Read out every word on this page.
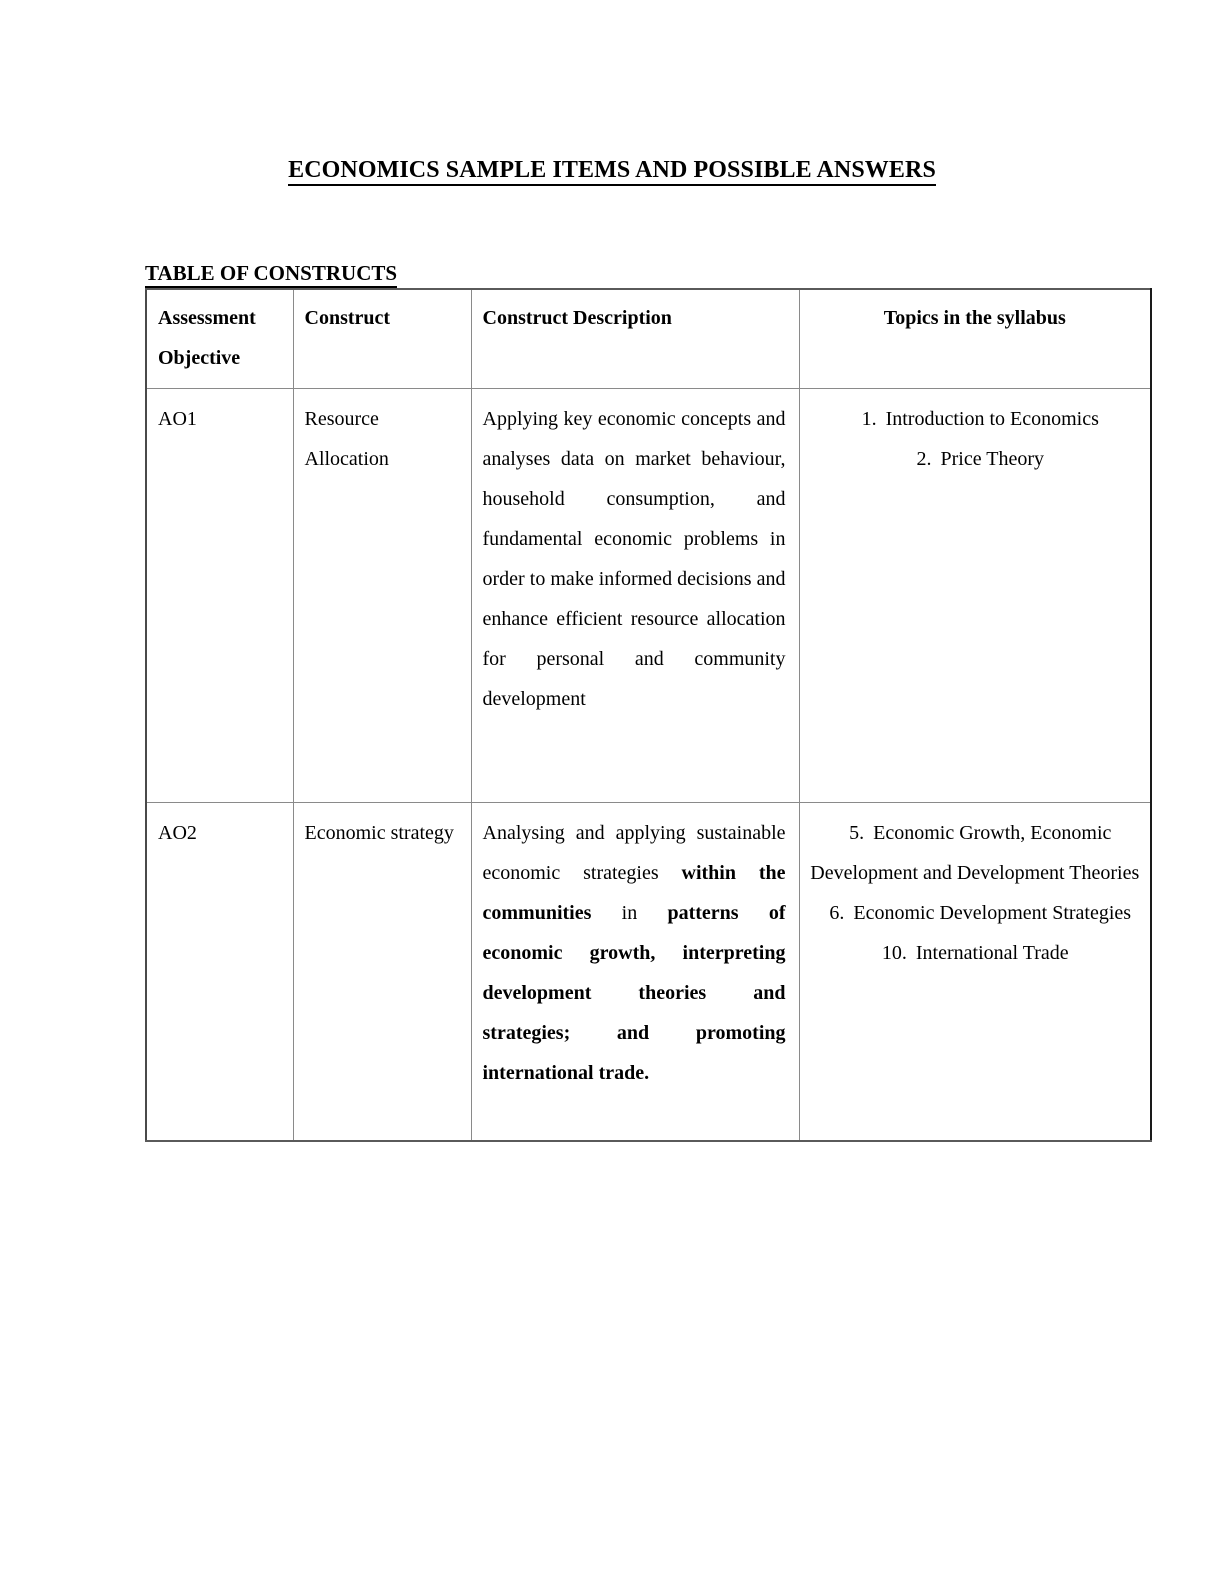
ECONOMICS SAMPLE ITEMS AND POSSIBLE ANSWERS
TABLE OF CONSTRUCTS
Assessment Objective	Construct	Construct Description	Topics in the syllabus

AO1	Resource Allocation	Applying key economic concepts and analyses data on market behaviour, household consumption, and fundamental economic problems in order to make informed decisions and enhance efficient resource allocation for personal and community development	1. Introduction to Economics
2. Price Theory

AO2	Economic strategy	Analysing and applying sustainable economic strategies within the communities in patterns of economic growth, interpreting development theories and strategies; and promoting international trade.	5. Economic Growth, Economic Development and Development Theories
6. Economic Development Strategies
10. International Trade
